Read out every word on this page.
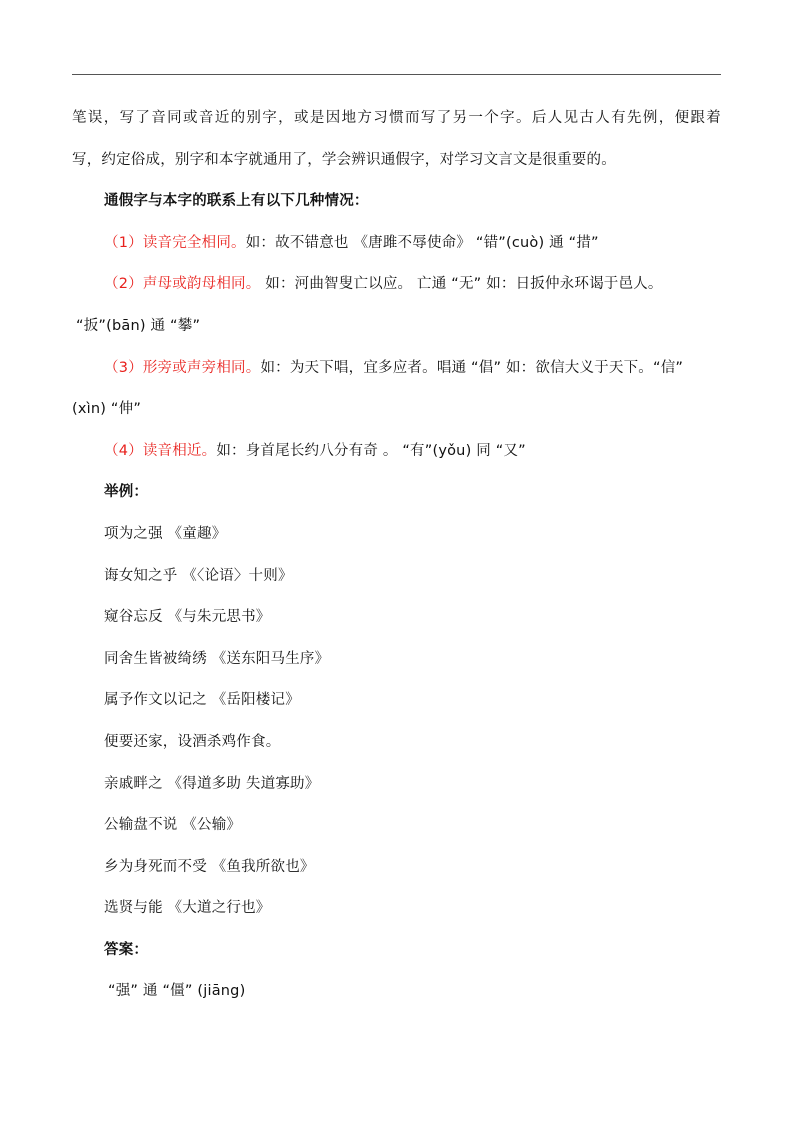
笔误，写了音同或音近的别字，或是因地方习惯而写了另一个字。后人见古人有先例，便跟着
写，约定俗成，别字和本字就通用了，学会辨识通假字，对学习文言文是很重要的。
通假字与本字的联系上有以下几种情况：
（1）读音完全相同。如：故不错意也 《唐雎不辱使命》 “错”(cuò) 通 “措”
（2）声母或韵母相同。 如：河曲智叟亡以应。 亡通 “无” 如：日扳仲永环谒于邑人。
“扳”(bān) 通 “攀”
（3）形旁或声旁相同。如：为天下唱，宜多应者。唱通 “倡” 如：欲信大义于天下。“信”
(xìn) “伸”
（4）读音相近。如：身首尾长约八分有奇 。 “有”(yǒu) 同 “又”
举例：
项为之强 《童趣》
诲女知之乎 《〈论语〉十则》
窥谷忘反 《与朱元思书》
同舍生皆被绮绣 《送东阳马生序》
属予作文以记之 《岳阳楼记》
便要还家，设酒杀鸡作食。
亲戚畔之 《得道多助 失道寡助》
公输盘不说 《公输》
乡为身死而不受 《鱼我所欲也》
选贤与能 《大道之行也》
答案：
“强” 通 “僵” (jiāng)
